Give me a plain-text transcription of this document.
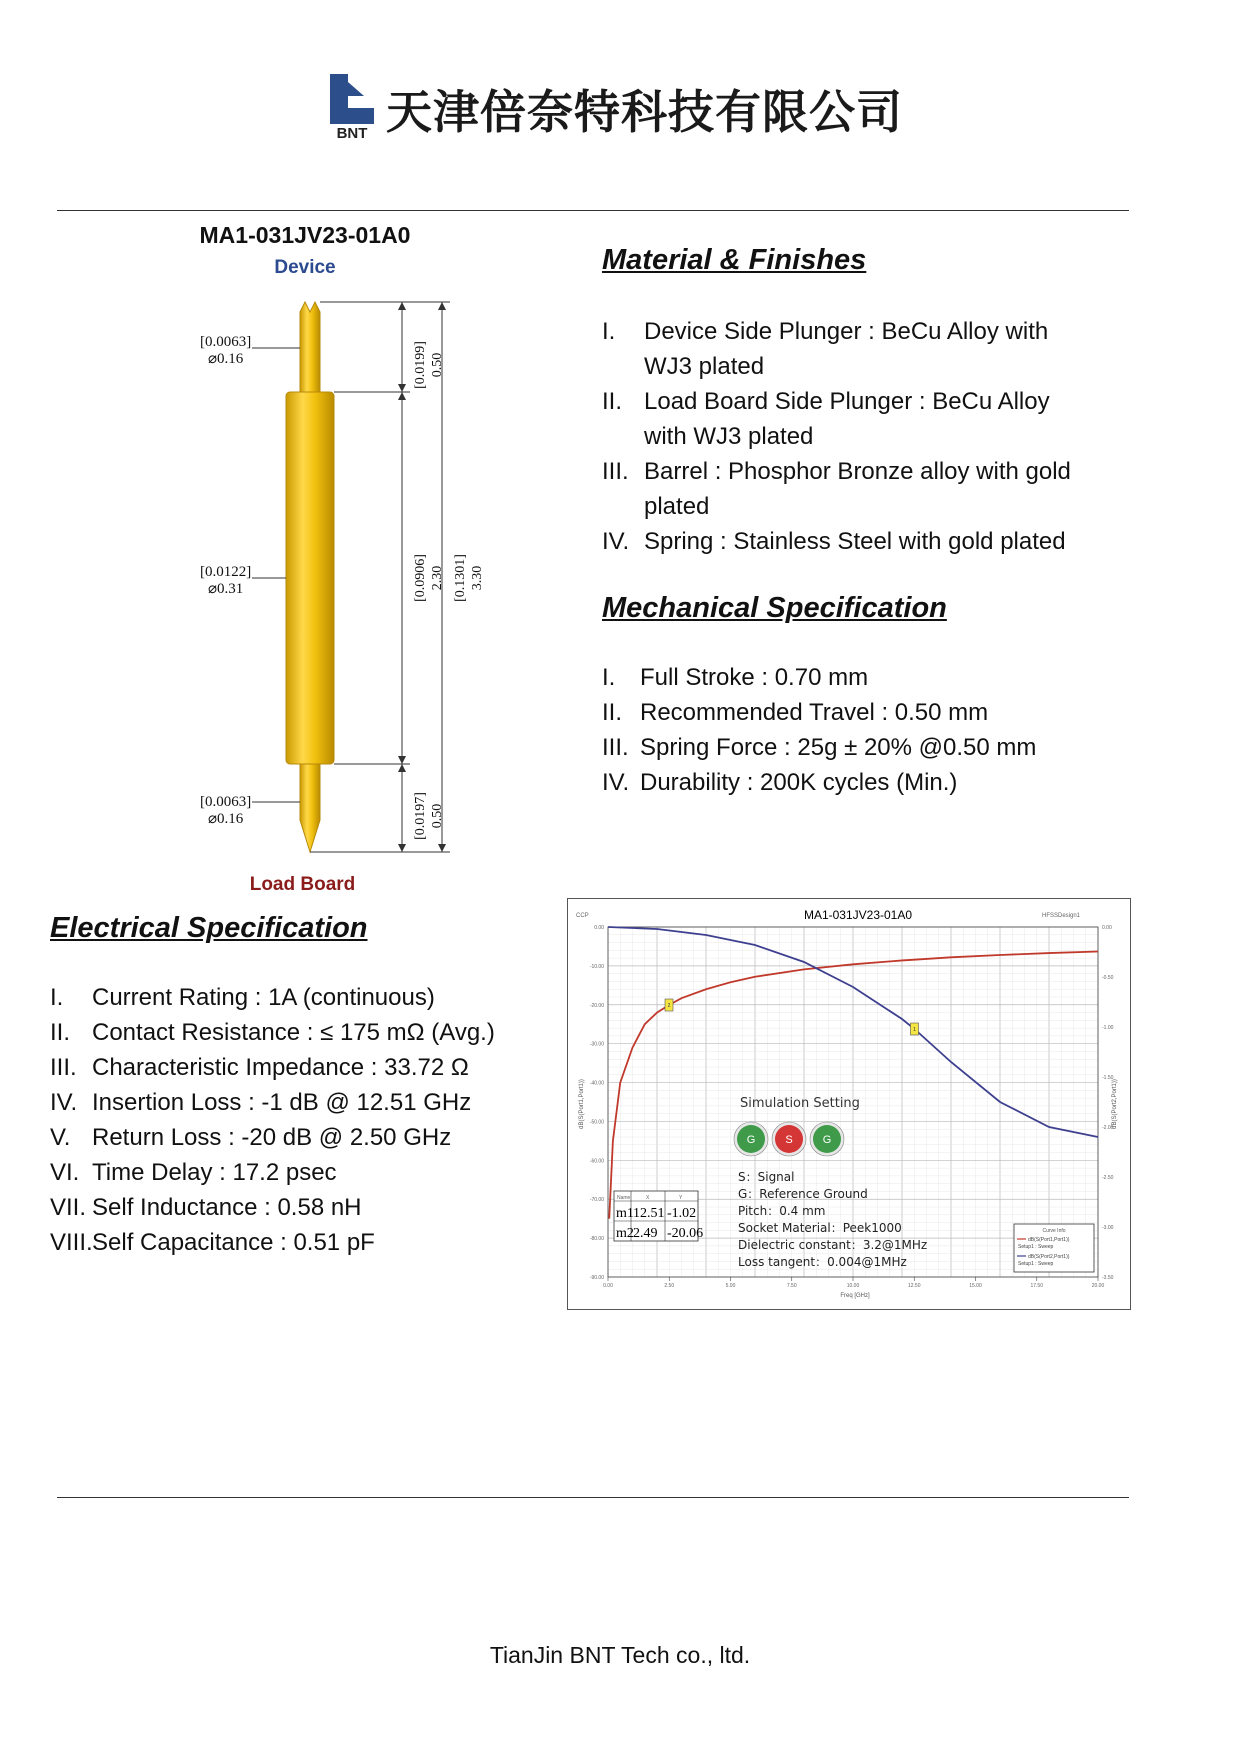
BNT 天津倍奈特科技有限公司
MA1-031JV23-01A0
Device
[0.0063]
⌀0.16
[0.0122]
⌀0.31
[0.0063]
⌀0.16
[0.0199] 0.50
[0.0906] 2.30 [0.1301] 3.30
[0.0197] 0.50
Load Board
Material & Finishes
I.	Device Side Plunger : BeCu Alloy with
WJ3 plated
II. Load Board Side Plunger : BeCu Alloy
with WJ3 plated
III. Barrel : Phosphor Bronze alloy with gold
plated
IV. Spring : Stainless Steel with gold plated
Mechanical Specification
I.	Full Stroke : 0.70 mm
II. Recommended Travel : 0.50 mm
III. Spring Force : 25g ± 20% @0.50 mm
IV. Durability : 200K cycles (Min.)
Electrical Specification
I.	Current Rating : 1A (continuous)
II. Contact Resistance : ≤ 175 mΩ (Avg.)
III. Characteristic Impedance : 33.72 Ω
IV. Insertion Loss : -1 dB @ 12.51 GHz
V. Return Loss : -20 dB @ 2.50 GHz
VI. Time Delay : 17.2 psec
VII. Self Inductance : 0.58 nH
VIII. Self Capacitance : 0.51 pF
MA1-031JV23-01A0
CCP	HFSSDesign1
0.00	2.50	5.00	7.50	10.00	12.50	15.00	17.50	20.00
0.00
-10.00
-20.00
-30.00
-40.00
-50.00
-60.00
-70.00
-80.00
-90.00
0.00
-0.50
-1.00
-1.50
-2.00
-2.50
-3.00
-3.50
1
2
Freq [GHz]
dB(S(Port1,Port1))	dB(S(Port2,Port1))
Name	X	Y
m1 12.51 -1.02
m2 2.49 -20.06
Simulation Setting
G	S	G
S：Signal
G：Reference Ground
Pitch：0.4 mm
Socket Material：Peek1000
Dielectric constant：3.2@1MHz
Loss tangent：0.004@1MHz
Curve Info
dB(S(Port1,Port1))
Setup1 : Sweep
dB(S(Port2,Port1))
Setup1 : Sweep
TianJin BNT Tech co., ltd.
